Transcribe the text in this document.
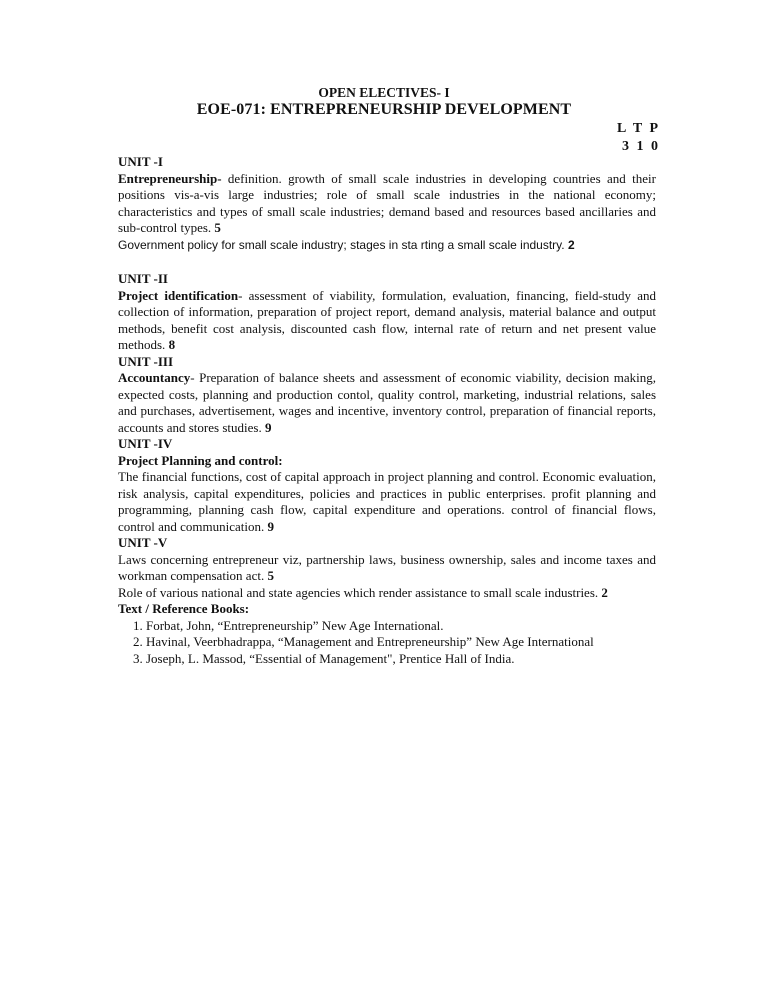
OPEN ELECTIVES- I
EOE-071: ENTREPRENEURSHIP DEVELOPMENT
L T P
3 1 0
UNIT -I

Entrepreneurship- definition. growth of small scale industries in developing countries and their positions vis-a-vis large industries; role of small scale industries in the national economy; characteristics and types of small scale industries; demand based and resources based ancillaries and sub-control types. 5

Government policy for small scale industry; stages in sta rting a small scale industry. 2

UNIT -II

Project identification- assessment of viability, formulation, evaluation, financing, field-study and collection of information, preparation of project report, demand analysis, material balance and output methods, benefit cost analysis, discounted cash flow, internal rate of return and net present value methods. 8

UNIT -III

Accountancy- Preparation of balance sheets and assessment of economic viability, decision making, expected costs, planning and production contol, quality control, marketing, industrial relations, sales and purchases, advertisement, wages and incentive, inventory control, preparation of financial reports, accounts and stores studies. 9

UNIT -IV
Project Planning and control:

The financial functions, cost of capital approach in project planning and control. Economic evaluation, risk analysis, capital expenditures, policies and practices in public enterprises. profit planning and programming, planning cash flow, capital expenditure and operations. control of financial flows, control and communication. 9

UNIT -V

Laws concerning entrepreneur viz, partnership laws, business ownership, sales and income taxes and workman compensation act. 5

Role of various national and state agencies which render assistance to small scale industries. 2

Text / Reference Books:
1. Forbat, John, “Entrepreneurship” New Age International.
2. Havinal, Veerbhadrappa, “Management and Entrepreneurship” New Age International
3. Joseph, L. Massod, “Essential of Management", Prentice Hall of India.
